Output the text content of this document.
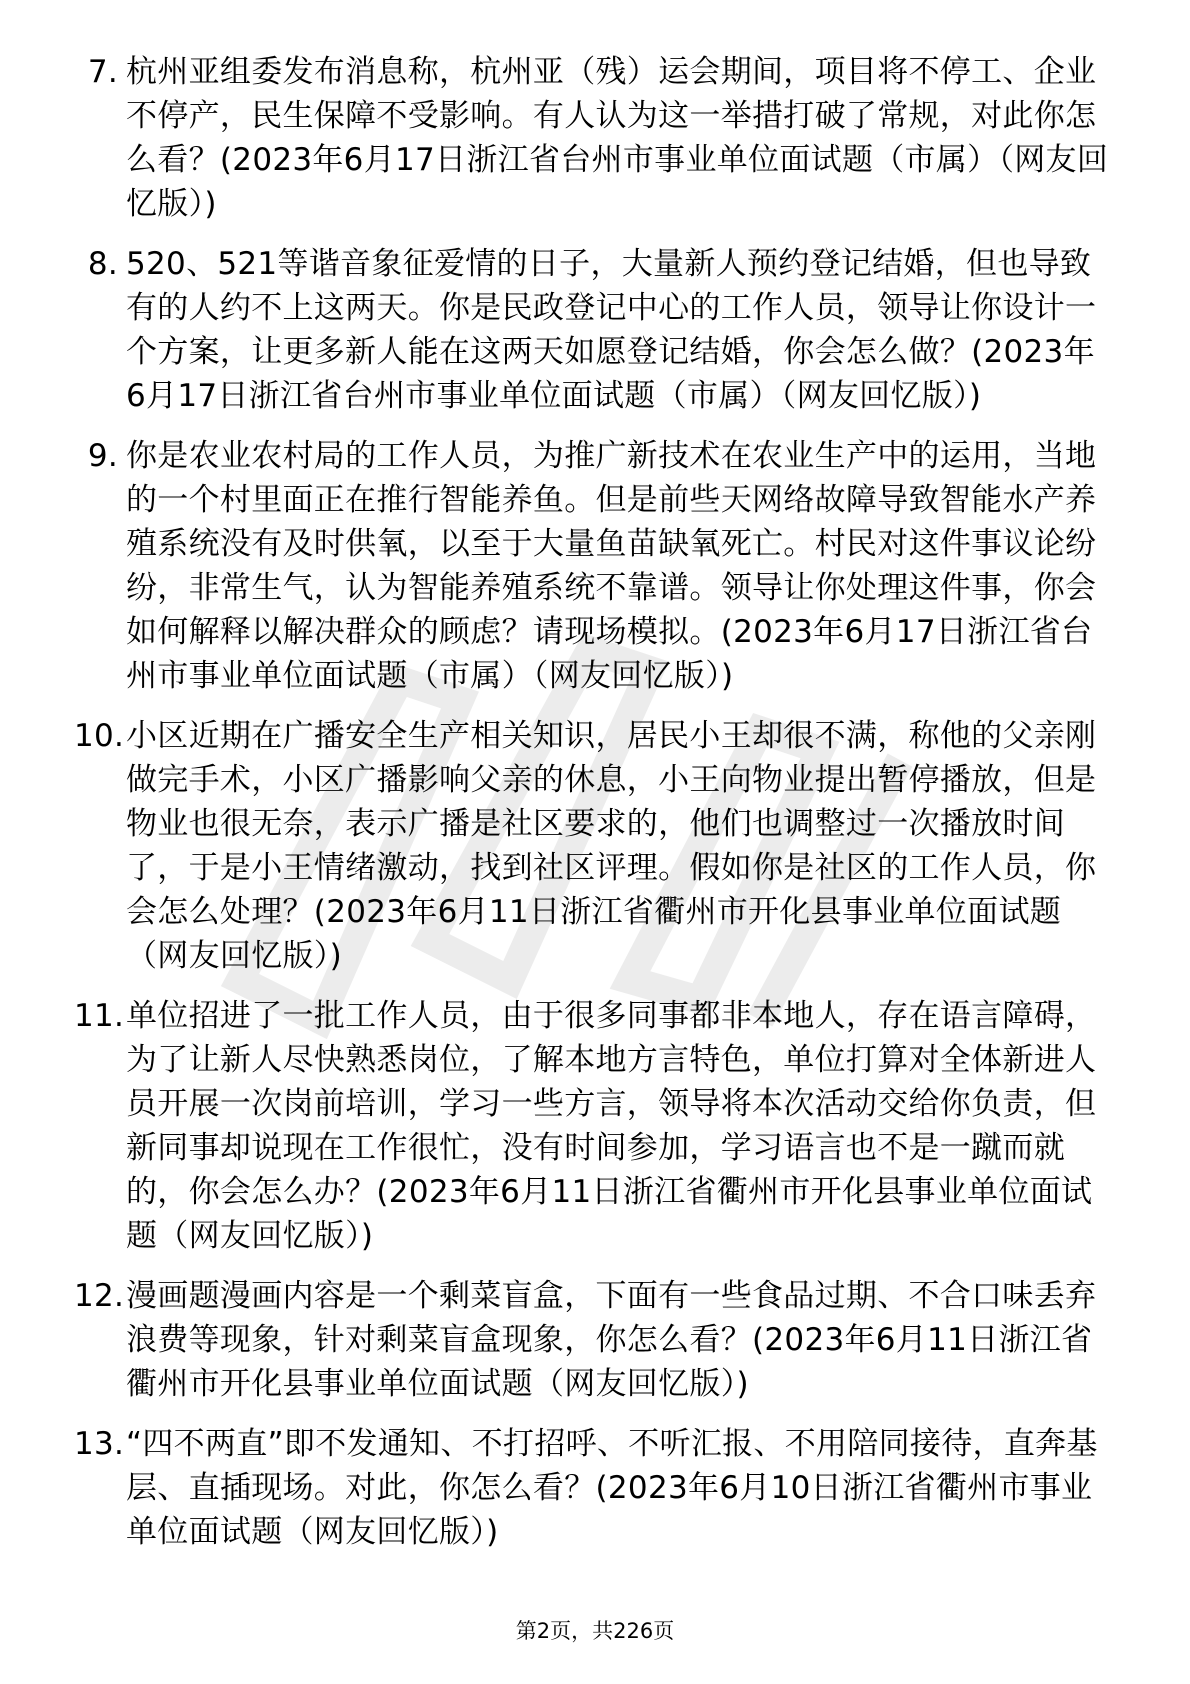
7. 杭州亚组委发布消息称，杭州亚（残）运会期间，项目将不停工、企业不停产，民生保障不受影响。有人认为这一举措打破了常规，对此你怎么看？(2023年6月17日浙江省台州市事业单位面试题（市属）（网友回忆版）)
8. 520、521等谐音象征爱情的日子，大量新人预约登记结婚，但也导致有的人约不上这两天。你是民政登记中心的工作人员，领导让你设计一个方案，让更多新人能在这两天如愿登记结婚，你会怎么做？(2023年6月17日浙江省台州市事业单位面试题（市属）（网友回忆版）)
9. 你是农业农村局的工作人员，为推广新技术在农业生产中的运用，当地的一个村里面正在推行智能养鱼。但是前些天网络故障导致智能水产养殖系统没有及时供氧，以至于大量鱼苗缺氧死亡。村民对这件事议论纷纷，非常生气，认为智能养殖系统不靠谱。领导让你处理这件事，你会如何解释以解决群众的顾虑？请现场模拟。(2023年6月17日浙江省台州市事业单位面试题（市属）（网友回忆版）)
10. 小区近期在广播安全生产相关知识，居民小王却很不满，称他的父亲刚做完手术，小区广播影响父亲的休息，小王向物业提出暂停播放，但是物业也很无奈，表示广播是社区要求的，他们也调整过一次播放时间了，于是小王情绪激动，找到社区评理。假如你是社区的工作人员，你会怎么处理？(2023年6月11日浙江省衢州市开化县事业单位面试题（网友回忆版）)
11. 单位招进了一批工作人员，由于很多同事都非本地人，存在语言障碍，为了让新人尽快熟悉岗位，了解本地方言特色，单位打算对全体新进人员开展一次岗前培训，学习一些方言，领导将本次活动交给你负责，但新同事却说现在工作很忙，没有时间参加，学习语言也不是一蹴而就的，你会怎么办？(2023年6月11日浙江省衢州市开化县事业单位面试题（网友回忆版）)
12. 漫画题漫画内容是一个剩菜盲盒，下面有一些食品过期、不合口味丢弃浪费等现象，针对剩菜盲盒现象，你怎么看？(2023年6月11日浙江省衢州市开化县事业单位面试题（网友回忆版）)
13. “四不两直”即不发通知、不打招呼、不听汇报、不用陪同接待，直奔基层、直插现场。对此，你怎么看？(2023年6月10日浙江省衢州市事业单位面试题（网友回忆版）)
第2页，共226页
